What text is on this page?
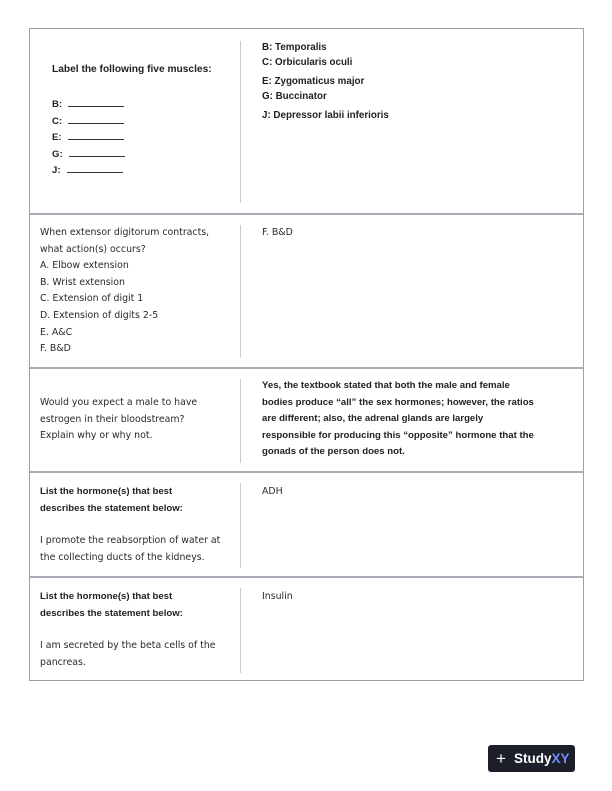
Label the following five muscles:
B:
C:
E:
G:
J:
B: Temporalis
C: Orbicularis oculi
E: Zygomaticus major
G: Buccinator
J: Depressor labii inferioris
When extensor digitorum contracts,
what action(s) occurs?
A. Elbow extension
B. Wrist extension
C. Extension of digit 1
D. Extension of digits 2-5
E. A&C
F. B&D
F. B&D
Would you expect a male to have
estrogen in their bloodstream?
Explain why or why not.
Yes, the textbook stated that both the male and female
bodies produce “all” the sex hormones; however, the ratios
are different; also, the adrenal glands are largely
responsible for producing this “opposite” hormone that the
gonads of the person does not.
List the hormone(s) that best
describes the statement below:
I promote the reabsorption of water at
the collecting ducts of the kidneys.
ADH
List the hormone(s) that best
describes the statement below:
I am secreted by the beta cells of the
pancreas.
Insulin
+ StudyXY
